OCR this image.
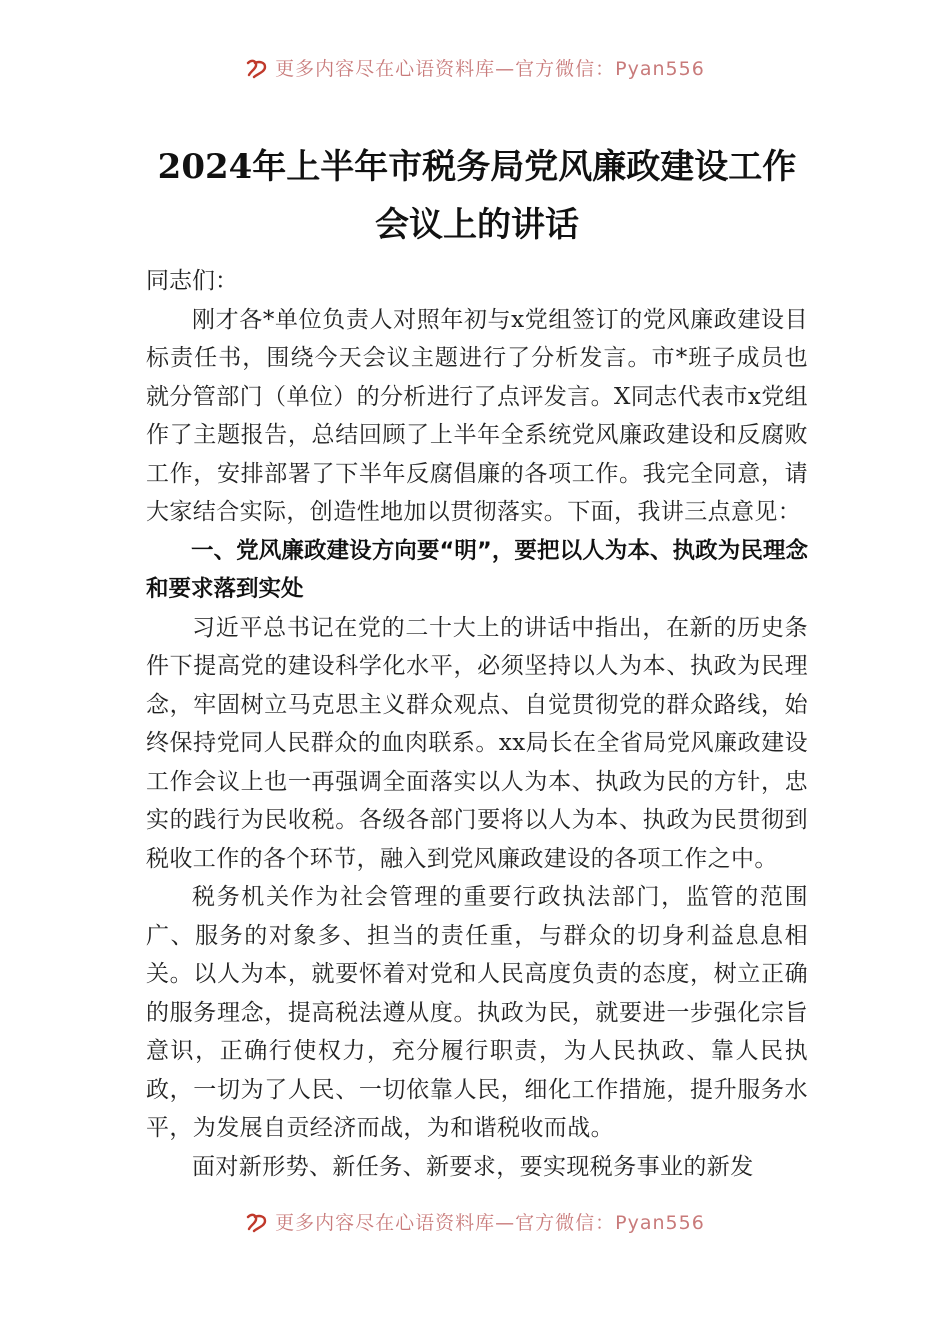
更多内容尽在心语资料库—官方微信：Pyan556
2024年上半年市税务局党风廉政建设工作会议上的讲话

同志们：

刚才各*单位负责人对照年初与x党组签订的党风廉政建设目标责任书，围绕今天会议主题进行了分析发言。市*班子成员也就分管部门（单位）的分析进行了点评发言。X同志代表市x党组作了主题报告，总结回顾了上半年全系统党风廉政建设和反腐败工作，安排部署了下半年反腐倡廉的各项工作。我完全同意，请大家结合实际，创造性地加以贯彻落实。下面，我讲三点意见：

一、党风廉政建设方向要“明”，要把以人为本、执政为民理念和要求落到实处

习近平总书记在党的二十大上的讲话中指出，在新的历史条件下提高党的建设科学化水平，必须坚持以人为本、执政为民理念，牢固树立马克思主义群众观点、自觉贯彻党的群众路线，始终保持党同人民群众的血肉联系。xx局长在全省局党风廉政建设工作会议上也一再强调全面落实以人为本、执政为民的方针，忠实的践行为民收税。各级各部门要将以人为本、执政为民贯彻到税收工作的各个环节，融入到党风廉政建设的各项工作之中。

税务机关作为社会管理的重要行政执法部门，监管的范围广、服务的对象多、担当的责任重，与群众的切身利益息息相关。以人为本，就要怀着对党和人民高度负责的态度，树立正确的服务理念，提高税法遵从度。执政为民，就要进一步强化宗旨意识，正确行使权力，充分履行职责，为人民执政、靠人民执政，一切为了人民、一切依靠人民，细化工作措施，提升服务水平，为发展自贡经济而战，为和谐税收而战。

面对新形势、新任务、新要求，要实现税务事业的新发

更多内容尽在心语资料库—官方微信：Pyan556
